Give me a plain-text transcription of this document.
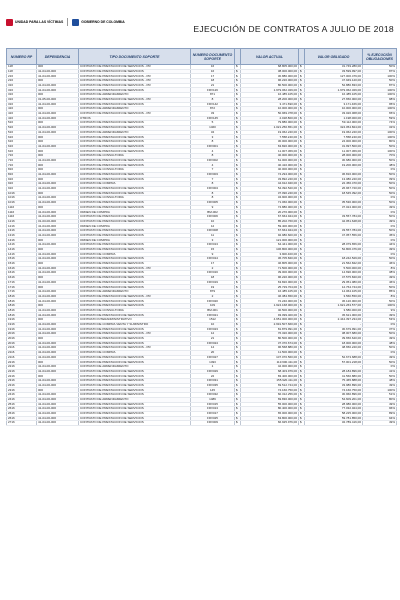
UNIDAD PARA LAS VÍCTIMAS	GOBIERNO DE COLOMBIA
EJECUCIÓN DE CONTRATOS A JULIO DE 2018
NUMERO RP	DEPENDENCIA	TIPO DOCUMENTO SOPORTE	NUMERO DOCUMENTO SOPORTE		VALOR ACTUAL		VALOR OBLIGADO	% EJECUCIÓN OBLIGACIONES
118	000	CONTRATO DE PRESTACION DE SERVICIOS - PR	16	$	68.805.000,00	$	31.749.280,00	50%
118	41-04-00-000	CONTRATO DE PRESTACION DE SERVICIOS	16	$	38.000.000,00	$	33.599.997,00	87%
216	41-04-00-000	CONTRATO DE PRESTACION DE SERVICIOS - PR	17	$	30.880.000,00	$	127.000.479,00	100%
216	000	CONTRATO DE PRESTACION DE SERVICIOS - PR	18	$	96.220.000,00	$	47.949.120,00	50%
316	41-04-00-000	CONTRATO DE PRESTACION DE SERVICIOS - PR	21	$	80.500.000,00	$	52.880.833,00	87%
316	41-04-00-000	CONTRATO DE PRESTACION DE SERVICIOS	FRV126	$	1.979.062.329,00	$	1.979.062.329,00	100%
316	000	CONTRATO DE ARRENDAMIENTO	871	$	16.485.105,00	$	16.485.105,00	100%
316	31-05-00-000	CONTRATO DE PRESTACION DE SERVICIOS - PR	8	$	28.200.000,00	$	27.650.000,00	98%
316	41-04-00-000	CONTRATO DE PRESTACION DE SERVICIOS	FRV142	$	3.471.690,00	$	3.171.466,00	95%
416	000	CONTRATO DE ARRENDAMIENTO	872	$	10.000.000,00	$	10.000.000,00	100%
416	41-04-00-000	CONTRATO DE PRESTACION DE SERVICIOS - PR	33	$	50.969.378,00	$	33.026.068,00	65%
416	41-04-00-000	OTROS	FRV145	$	2.018.800,00	$	1.198.000,00	59%
516	000	CONTRATO DE PRESTACION DE SERVICIOS	5	$	79.880.000,00	$	59.112.000,00	74%
516	41-04-00-000	CONTRATO DE PRESTACION DE SERVICIOS	1460	$	1.021.250.651,00	$	324.054.824,00	32%
516	41-04-00-000	CONTRATO DE ARRENDAMIENTO	34	$	19.062.240,00	$	19.062.240,00	100%
616	000	CONTRATO DE PRESTACION DE SERVICIOS	3	$	7.558.240,00	$	7.558.240,00	100%
616	000	CONTRATO DE PRESTACION DE SERVICIOS	8	$	30.000.000,00	$	24.000.000,00	80%
616	41-04-00-000	CONTRATO DE PRESTACION DE SERVICIOS	FRV001	$	63.820.000,00	$	31.997.500,00	50%
616	000	CONTRATO DE PRESTACION DE SERVICIOS	4	$	11.007.369,00	$	11.007.369,00	100%
716	000	CONTRATO DE CONSULTORIA	8	$	40.000.000,00	$	28.000.000,00	70%
716	41-04-00-000	CONTRATO DE PRESTACION DE SERVICIOS	FRV002	$	61.000.000,00	$	30.680.000,00	50%
716	000	CONTRATO DE PRESTACION DE SERVICIOS	4	$	40.410.000,00	$	19.200.000,00	48%
816	000	CONTRATO DE CONSULTORIA	7	$	40.000.000,00	$	-	0%
816	41-04-00-000	CONTRATO DE PRESTACION DE SERVICIOS	FRV003	$	74.294.000,00	$	36.816.000,00	50%
916	000	CONTRATO DE PRESTACION DE SERVICIOS	7	$	33.892.240,00	$	13.080.240,00	39%
916	41-04-00-000	CONTRATO DE COMPRA	8	$	44.912.940,00	$	22.456.470,00	50%
916	41-04-00-000	CONTRATO DE PRESTACION DE SERVICIOS	FRV004	$	54.392.520,00	$	26.967.720,00	50%
1016	000	CONTRATO DE PRESTACION DE SERVICIOS	8	$	37.090.240,00	$	18.545.392,00	50%
1016	41-04-00-000	CONTRATO DE CONSULTORIA	8	$	34.900.000,00	$	-	0%
1016	41-04-00-000	CONTRATO DE PRESTACION DE SERVICIOS	FRV005	$	71.060.000,00	$	35.530.000,00	50%
1116	000	CONTRATO DE PRESTACION DE SERVICIOS	9	$	74.880.000,00	$	37.024.000,00	49%
1116	41-04-00-000	ORDEN DE COMPRA	BM-002	$	20.270.000,00	$	-	0%
1116	41-04-00-000	CONTRATO DE PRESTACION DE SERVICIOS	FRV006	$	67.664.944,00	$	33.557.784,00	50%
1216	31-03-00-000	CONTRATO DE PRESTACION DE SERVICIOS	10	$	85.202.760,00	$	42.051.648,00	49%
1216	41-04-00-000	ORDEN DE COMPRA	12	$	59.400.000,00	$	-	0%
1316	41-04-00-000	CONTRATO DE PRESTACION DE SERVICIOS	FRV008	$	67.664.944,00	$	33.557.784,00	50%
1316	41-04-00-000	CONTRATO DE PRESTACION DE SERVICIOS	11	$	92.980.600,00	$	47.057.556,00	45%
1316	000	ORDEN DE COMPRA	3	$	121.000.000,00	$	-	0%
1416	41-04-00-000	CONTRATO DE PRESTACION DE SERVICIOS	FRV013	$	64.441.000,00	$	28.079.656,00	44%
1416	000	CONTRATO DE PRESTACION DE SERVICIOS	15	$	106.800.000,00	$	52.806.476,00	49%
1416	41-04-00-000	CONTRATO DE COMPRA	9	$	3.900.400,00	$	-	0%
1516	41-04-00-000	CONTRATO DE PRESTACION DE SERVICIOS	FRV014	$	36.705.840,00	$	18.242.529,00	50%
1516	000	CONTRATO DE PRESTACION DE SERVICIOS	17	$	46.805.000,00	$	21.562.842,00	46%
1616	41-04-00-000	CONTRATO DE PRESTACION DE SERVICIOS - PR	2	$	71.500.000,00	$	5.500.000,00	8%
1616	41-04-00-000	CONTRATO DE PRESTACION DE SERVICIOS	FRV016	$	39.000.000,00	$	14.690.000,00	38%
1616	000	CONTRATO DE PRESTACION DE SERVICIOS	18	$	96.220.000,00	$	47.575.840,00	49%
1716	41-04-00-000	CONTRATO DE PRESTACION DE SERVICIOS	FRV019	$	63.820.000,00	$	29.051.080,00	46%
1716	000	CONTRATO DE PRESTACION DE SERVICIOS	19	$	25.729.704,00	$	12.764.744,00	50%
1716	41-04-00-000	CONTRATO DE ARRENDAMIENTO	879	$	16.485.105,00	$	14.064.105,00	85%
1816	41-04-00-000	CONTRATO DE PRESTACION DE SERVICIOS - PR	2	$	46.384.650,00	$	3.560.550,00	8%
1816	41-04-00-000	CONTRATO DE PRESTACION DE SERVICIOS	FRV020	$	72.240.000,00	$	36.120.000,00	50%
1816	000	CONTRATO DE PRESTACION DE SERVICIOS	109	$	1.924.168.000,00	$	1.921.263.577,00	100%
1816	41-04-00-000	CONTRATO DE CONSULTORIA	BM-001	$	40.500.000,00	$	3.580.000,00	9%
1816	41-04-00-000	CONTRATO DE PRESTACION DE SERVICIOS	FRV021	$	93.099.400,00	$	45.621.000,00	49%
1916	000	CONTRATO INTERADMINISTRATIVO	1512	$	4.651.000.000,00	$	2.444.397.234,00	53%
1916	41-04-00-000	CONTRATO DE COMPRA VENTA Y SUMINISTRO	10	$	2.991.507.660,00	$	-	0%
1916	41-04-00-000	CONTRATO DE PRESTACION DE SERVICIOS	FRV023	$	81.879.991,00	$	30.679.991,00	37%
2016	41-04-00-000	CONTRATO DE PRESTACION DE SERVICIOS - PR	12	$	76.320.000,00	$	38.007.680,00	50%
2016	000	CONTRATO DE PRESTACION DE SERVICIOS	21	$	80.500.000,00	$	39.656.640,00	49%
2016	41-04-00-000	CONTRATO DE PRESTACION DE SERVICIOS	FRV024	$	37.370.674,00	$	18.000.000,00	48%
2116	41-04-00-000	CONTRATO DE PRESTACION DE SERVICIOS - PR	14	$	96.568.880,00	$	48.650.240,00	50%
2116	41-04-00-000	CONTRATO DE COMPRA	20	$	11.500.000,00	$	-	0%
2116	41-04-00-000	CONTRATO DE PRESTACION DE SERVICIOS	FRV027	$	107.070.560,00	$	52.673.688,00	49%
2216	000	CONTRATO DE PRESTACION DE SERVICIOS	1493	$	113.600.411,00	$	57.001.218,00	50%
2216	41-04-00-000	CONTRATO DE ARRENDAMIENTO	1	$	42.000.000,00	$	-	0%
2216	41-04-00-000	CONTRATO DE PRESTACION DE SERVICIOS	FRV029	$	68.403.979,00	$	28.184.896,00	41%
2216	000	CONTRATO DE PRESTACION DE SERVICIOS	22	$	83.400.000,00	$	41.560.880,00	50%
2316	41-04-00-000	CONTRATO DE PRESTACION DE SERVICIOS	FRV031	$	155.920.411,00	$	75.465.888,00	48%
2316	41-04-00-000	CONTRATO DE PRESTACION DE SERVICIOS	FRV035	$	69.512.744,00	$	33.986.896,00	49%
2316	000	CONTRATO DE PRESTACION DE SERVICIOS	145	$	74.160.750,00	$	74.160.750,00	100%
2416	41-04-00-000	CONTRATO DE PRESTACION DE SERVICIOS	FRV032	$	60.312.256,00	$	30.960.896,00	51%
2416	41-04-00-000	CONTRATO DE ARRENDAMIENTO	1489	$	69.830.000,00	$	54.609.201,00	80%
2516	41-04-00-000	CONTRATO DE PRESTACION DE SERVICIOS	FRV015	$	55.000.000,00	$	28.980.000,00	49%
2616	41-04-00-000	CONTRATO DE PRESTACION DE SERVICIOS	FRV013	$	80.400.000,00	$	77.032.024,00	96%
2616	41-04-00-000	CONTRATO DE PRESTACION DE SERVICIOS	FRV017	$	65.000.000,00	$	58.225.000,00	89%
2616	41-04-00-000	CONTRATO DE PRESTACION DE SERVICIOS	FRV025	$	63.800.000,00	$	59.781.850,00	94%
2716	41-04-00-000	CONTRATO DE PRESTACION DE SERVICIOS	FRV009	$	66.925.976,00	$	32.789.416,00	49%
